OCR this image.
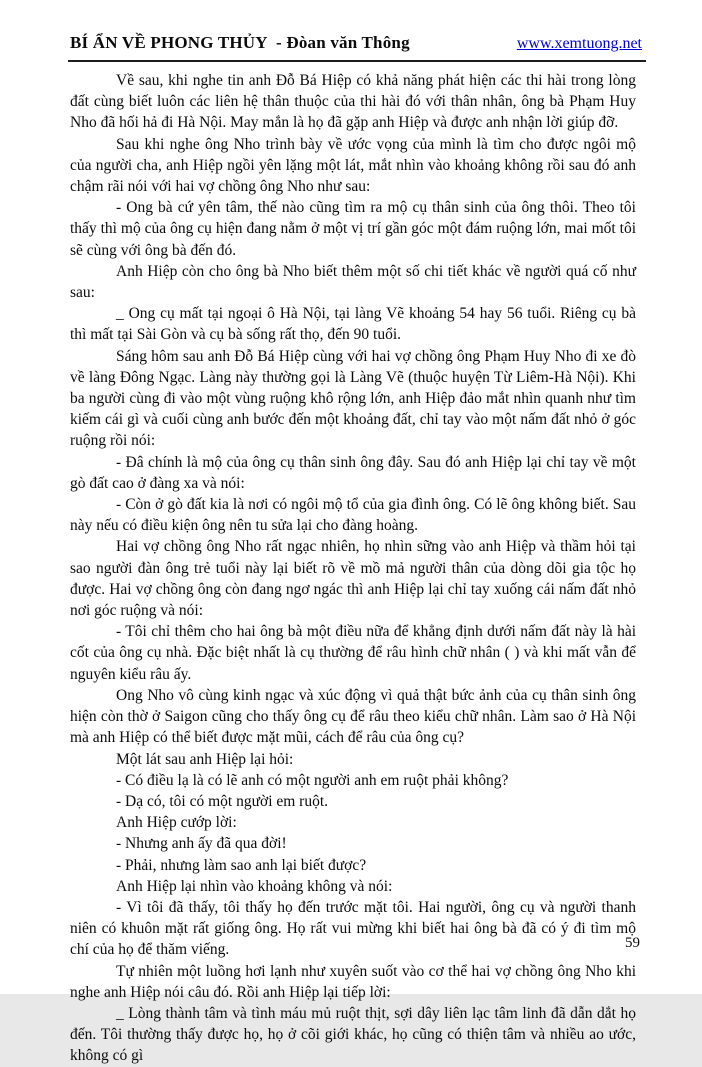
BÍ ẨN VỀ PHONG THỦY  - Đòan văn Thông	www.xemtuong.net

Về sau, khi nghe tin anh Đỗ Bá Hiệp có khả năng phát hiện các thi hài trong lòng đất cùng biết luôn các liên hệ thân thuộc của thi hài đó với thân nhân, ông bà Phạm Huy Nho đã hối hả đi Hà Nội. May mắn là họ đã gặp anh Hiệp và được anh nhận lời giúp đỡ.

Sau khi nghe ông Nho trình bày về ước vọng của mình là tìm cho được ngôi mộ của người cha, anh Hiệp ngồi yên lặng một lát, mắt nhìn vào khoảng không rồi sau đó anh chậm rãi nói với hai vợ chồng ông Nho như sau:

- Ong bà cứ yên tâm, thế nào cũng tìm ra mộ cụ thân sinh của ông thôi. Theo tôi thấy thì mộ của ông cụ hiện đang nằm ở một vị trí gần góc một đám ruộng lớn, mai mốt tôi sẽ cùng với ông bà đến đó.

Anh Hiệp còn cho ông bà Nho biết thêm một số chi tiết khác về người quá cố như sau:

_ Ong cụ mất tại ngoại ô Hà Nội, tại làng Vẽ khoảng 54 hay 56 tuổi. Riêng cụ bà thì mất tại Sài Gòn và cụ bà sống rất thọ, đến 90 tuổi.

Sáng hôm sau anh Đỗ Bá Hiệp cùng với hai vợ chồng ông Phạm Huy Nho đi xe đò về làng Đông Ngạc. Làng này thường gọi là Làng Vẽ (thuộc huyện Từ Liêm-Hà Nội). Khi ba người cùng đi vào một vùng ruộng khô rộng lớn, anh Hiệp đảo mắt nhìn quanh như tìm kiếm cái gì và cuối cùng anh bước đến một khoảng đất, chỉ tay vào một nấm đất nhỏ ở góc ruộng rồi nói:

- Đâ chính là mộ của ông cụ thân sinh ông đây. Sau đó anh Hiệp lại chỉ tay về một gò đất cao ở đàng xa và nói:

- Còn ở gò đất kia là nơi có ngôi mộ tổ của gia đình ông. Có lẽ ông không biết. Sau này nếu có điều kiện ông nên tu sửa lại cho đàng hoàng.

Hai vợ chồng ông Nho rất ngạc nhiên, họ nhìn sững vào anh Hiệp và thầm hỏi tại sao người đàn ông trẻ tuổi này lại biết rõ về mồ mả người thân của dòng dõi gia tộc họ được. Hai vợ chồng ông còn đang ngơ ngác thì anh Hiệp lại chỉ tay xuống cái nấm đất nhỏ nơi góc ruộng và nói:

- Tôi chỉ thêm cho hai ông bà một điều nữa để khẳng định dưới nấm đất này là hài cốt của ông cụ nhà. Đặc biệt nhất là cụ thường để râu hình chữ nhân ( ) và khi mất vẫn để nguyên kiểu râu ấy.

Ong Nho vô cùng kinh ngạc và xúc động vì quả thật bức ảnh của cụ thân sinh ông hiện còn thờ ở Saigon cũng cho thấy ông cụ để râu theo kiểu chữ nhân. Làm sao ở Hà Nội mà anh Hiệp có thể biết được mặt mũi, cách để râu của ông cụ?

Một lát sau anh Hiệp lại hỏi:

- Có điều lạ là có lẽ anh có một người anh em ruột phải không?

- Dạ có, tôi có một người em ruột.

Anh Hiệp cướp lời:

- Nhưng anh ấy đã qua đời!

- Phải, nhưng làm sao anh lại biết được?

Anh Hiệp lại nhìn vào khoảng không và nói:

- Vì tôi đã thấy, tôi thấy họ đến trước mặt tôi. Hai người, ông cụ và người thanh niên có khuôn mặt rất giống ông. Họ rất vui mừng khi biết hai ông bà đã có ý đi tìm mộ chí của họ để thăm viếng.

Tự nhiên một luồng hơi lạnh như xuyên suốt vào cơ thể hai vợ chồng ông Nho khi nghe anh Hiệp nói câu đó. Rồi anh Hiệp lại tiếp lời:

_ Lòng thành tâm và tình máu mủ ruột thịt, sợi dây liên lạc tâm linh đã dẫn dắt họ đến. Tôi thường thấy được họ, họ ở cõi giới khác, họ cũng có thiện tâm và nhiều ao ước, không có gì

59
